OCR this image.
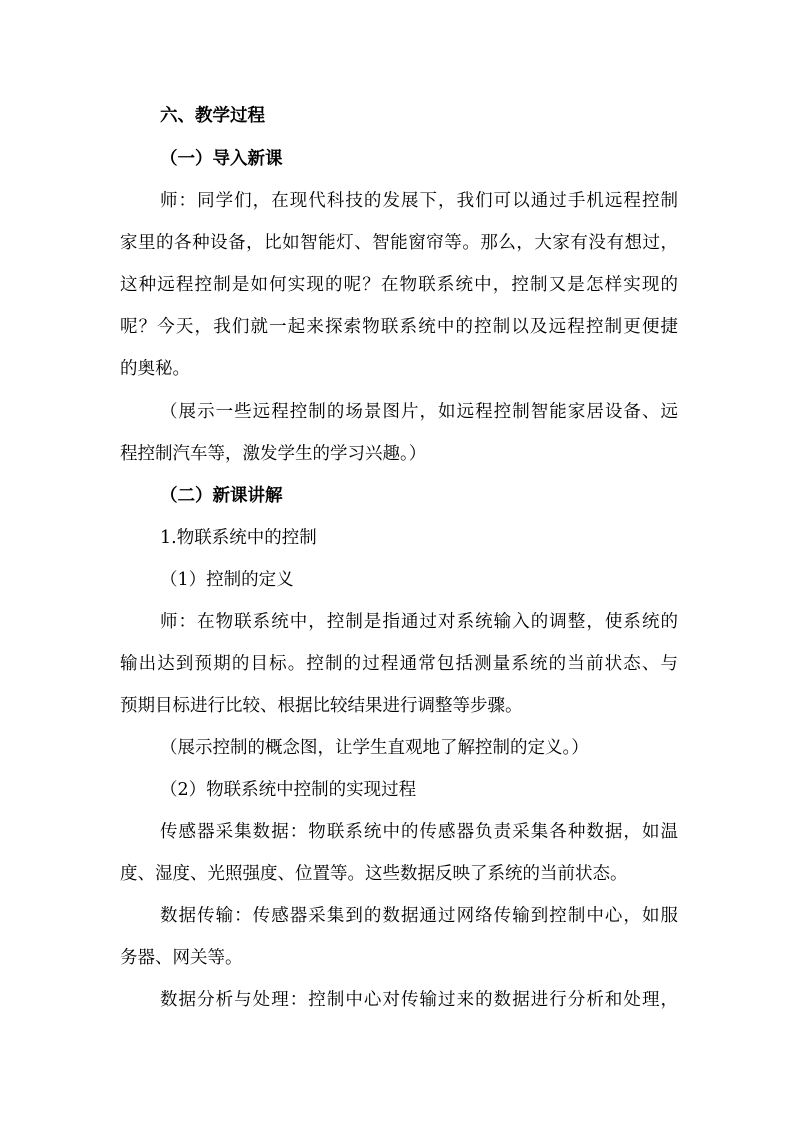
六、教学过程
（一）导入新课
师：同学们，在现代科技的发展下，我们可以通过手机远程控制
家里的各种设备，比如智能灯、智能窗帘等。那么，大家有没有想过，
这种远程控制是如何实现的呢？在物联系统中，控制又是怎样实现的
呢？今天，我们就一起来探索物联系统中的控制以及远程控制更便捷
的奥秘。
（展示一些远程控制的场景图片，如远程控制智能家居设备、远
程控制汽车等，激发学生的学习兴趣。）
（二）新课讲解
1.物联系统中的控制
（1）控制的定义
师：在物联系统中，控制是指通过对系统输入的调整，使系统的
输出达到预期的目标。控制的过程通常包括测量系统的当前状态、与
预期目标进行比较、根据比较结果进行调整等步骤。
（展示控制的概念图，让学生直观地了解控制的定义。）
（2）物联系统中控制的实现过程
传感器采集数据：物联系统中的传感器负责采集各种数据，如温
度、湿度、光照强度、位置等。这些数据反映了系统的当前状态。
数据传输：传感器采集到的数据通过网络传输到控制中心，如服
务器、网关等。
数据分析与处理：控制中心对传输过来的数据进行分析和处理，
